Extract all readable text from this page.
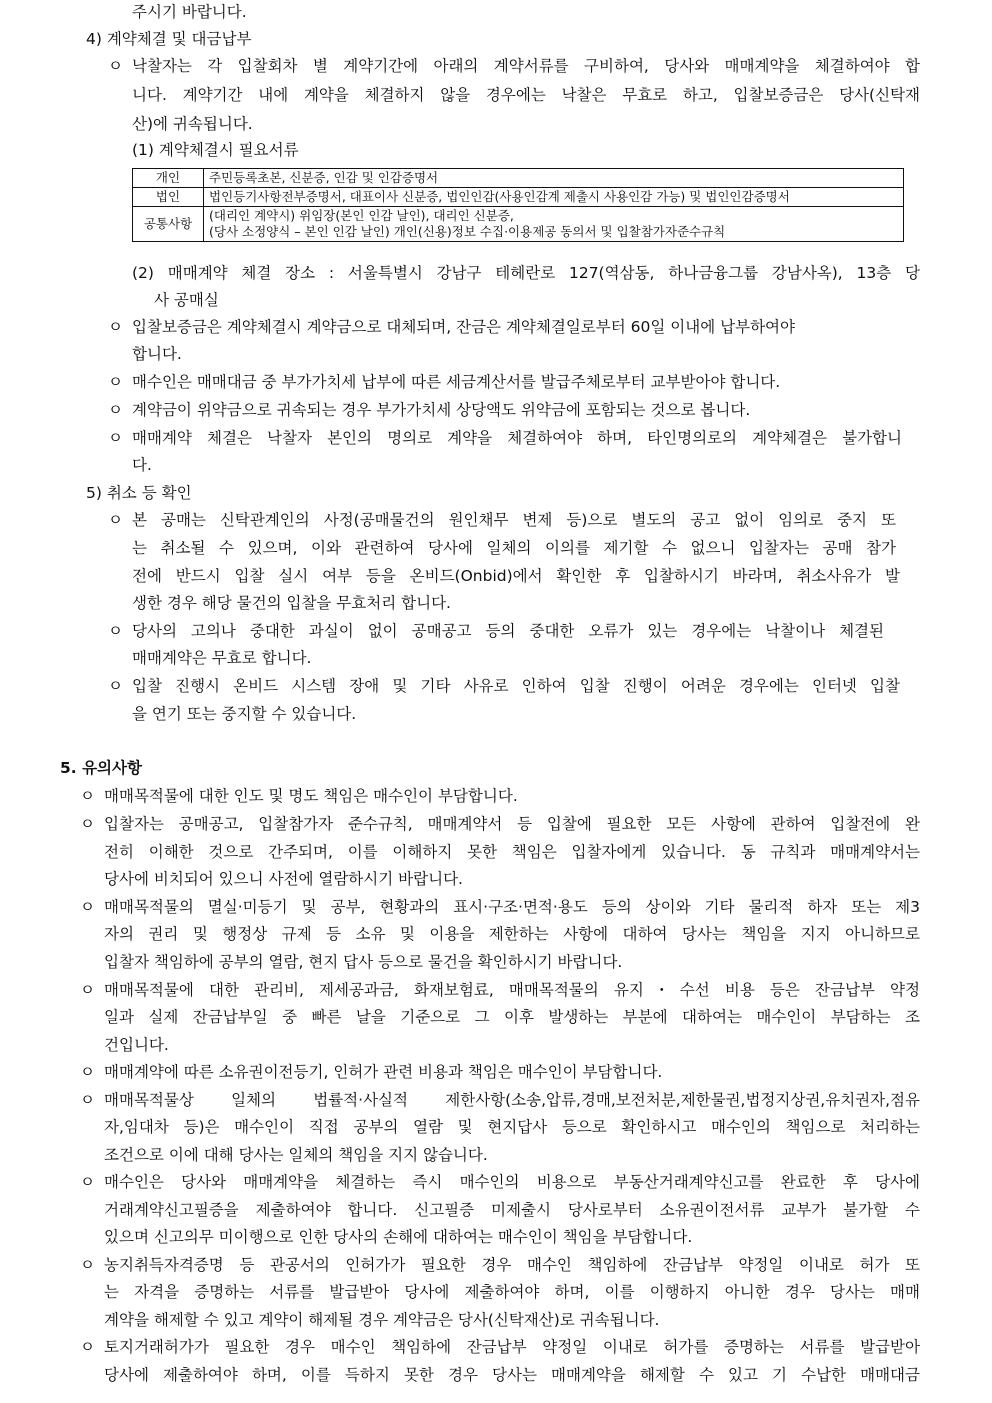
주시기 바랍니다.
4) 계약체결 및 대금납부
ㅇ 낙찰자는 각 입찰회차 별 계약기간에 아래의 계약서류를 구비하여, 당사와 매매계약을 체결하여야 합
니다. 계약기간 내에 계약을 체결하지 않을 경우에는 낙찰은 무효로 하고, 입찰보증금은 당사(신탁재
산)에 귀속됩니다.
(1) 계약체결시 필요서류
개인	주민등록초본, 신분증, 인감 및 인감증명서
법인	법인등기사항전부증명서, 대표이사 신분증, 법인인감(사용인감계 제출시 사용인감 가능) 및 법인인감증명서
공통사항	(대리인 계약시) 위임장(본인 인감 날인), 대리인 신분증,
(당사 소정양식 – 본인 인감 날인) 개인(신용)정보 수집·이용제공 동의서 및 입찰참가자준수규칙
(2) 매매계약 체결 장소 : 서울특별시 강남구 테헤란로 127(역삼동, 하나금융그룹 강남사옥), 13층 당
사 공매실
ㅇ 입찰보증금은 계약체결시 계약금으로 대체되며, 잔금은 계약체결일로부터 60일 이내에 납부하여야
합니다.
ㅇ 매수인은 매매대금 중 부가가치세 납부에 따른 세금계산서를 발급주체로부터 교부받아야 합니다.
ㅇ 계약금이 위약금으로 귀속되는 경우 부가가치세 상당액도 위약금에 포함되는 것으로 봅니다.
ㅇ 매매계약 체결은 낙찰자 본인의 명의로 계약을 체결하여야 하며, 타인명의로의 계약체결은 불가합니
다.
5) 취소 등 확인
ㅇ 본 공매는 신탁관계인의 사정(공매물건의 원인채무 변제 등)으로 별도의 공고 없이 임의로 중지 또
는 취소될 수 있으며, 이와 관련하여 당사에 일체의 이의를 제기할 수 없으니 입찰자는 공매 참가
전에 반드시 입찰 실시 여부 등을 온비드(Onbid)에서 확인한 후 입찰하시기 바라며, 취소사유가 발
생한 경우 해당 물건의 입찰을 무효처리 합니다.
ㅇ 당사의 고의나 중대한 과실이 없이 공매공고 등의 중대한 오류가 있는 경우에는 낙찰이나 체결된
매매계약은 무효로 합니다.
ㅇ 입찰 진행시 온비드 시스템 장애 및 기타 사유로 인하여 입찰 진행이 어려운 경우에는 인터넷 입찰
을 연기 또는 중지할 수 있습니다.
5. 유의사항
ㅇ 매매목적물에 대한 인도 및 명도 책임은 매수인이 부담합니다.
ㅇ 입찰자는 공매공고, 입찰참가자 준수규칙, 매매계약서 등 입찰에 필요한 모든 사항에 관하여 입찰전에 완
전히 이해한 것으로 간주되며, 이를 이해하지 못한 책임은 입찰자에게 있습니다. 동 규칙과 매매계약서는
당사에 비치되어 있으니 사전에 열람하시기 바랍니다.
ㅇ 매매목적물의 멸실·미등기 및 공부, 현황과의 표시·구조·면적·용도 등의 상이와 기타 물리적 하자 또는 제3
자의 권리 및 행정상 규제 등 소유 및 이용을 제한하는 사항에 대하여 당사는 책임을 지지 아니하므로
입찰자 책임하에 공부의 열람, 현지 답사 등으로 물건을 확인하시기 바랍니다.
ㅇ 매매목적물에 대한 관리비, 제세공과금, 화재보험료, 매매목적물의 유지・수선 비용 등은 잔금납부 약정
일과 실제 잔금납부일 중 빠른 날을 기준으로 그 이후 발생하는 부분에 대하여는 매수인이 부담하는 조
건입니다.
ㅇ 매매계약에 따른 소유권이전등기, 인허가 관련 비용과 책임은 매수인이 부담합니다.
ㅇ 매매목적물상 일체의 법률적·사실적 제한사항(소송,압류,경매,보전처분,제한물권,법정지상권,유치권자,점유
자,임대차 등)은 매수인이 직접 공부의 열람 및 현지답사 등으로 확인하시고 매수인의 책임으로 처리하는
조건으로 이에 대해 당사는 일체의 책임을 지지 않습니다.
ㅇ 매수인은 당사와 매매계약을 체결하는 즉시 매수인의 비용으로 부동산거래계약신고를 완료한 후 당사에
거래계약신고필증을 제출하여야 합니다. 신고필증 미제출시 당사로부터 소유권이전서류 교부가 불가할 수
있으며 신고의무 미이행으로 인한 당사의 손해에 대하여는 매수인이 책임을 부담합니다.
ㅇ 농지취득자격증명 등 관공서의 인허가가 필요한 경우 매수인 책임하에 잔금납부 약정일 이내로 허가 또
는 자격을 증명하는 서류를 발급받아 당사에 제출하여야 하며, 이를 이행하지 아니한 경우 당사는 매매
계약을 해제할 수 있고 계약이 해제될 경우 계약금은 당사(신탁재산)로 귀속됩니다.
ㅇ 토지거래허가가 필요한 경우 매수인 책임하에 잔금납부 약정일 이내로 허가를 증명하는 서류를 발급받아
당사에 제출하여야 하며, 이를 득하지 못한 경우 당사는 매매계약을 해제할 수 있고 기 수납한 매매대금
